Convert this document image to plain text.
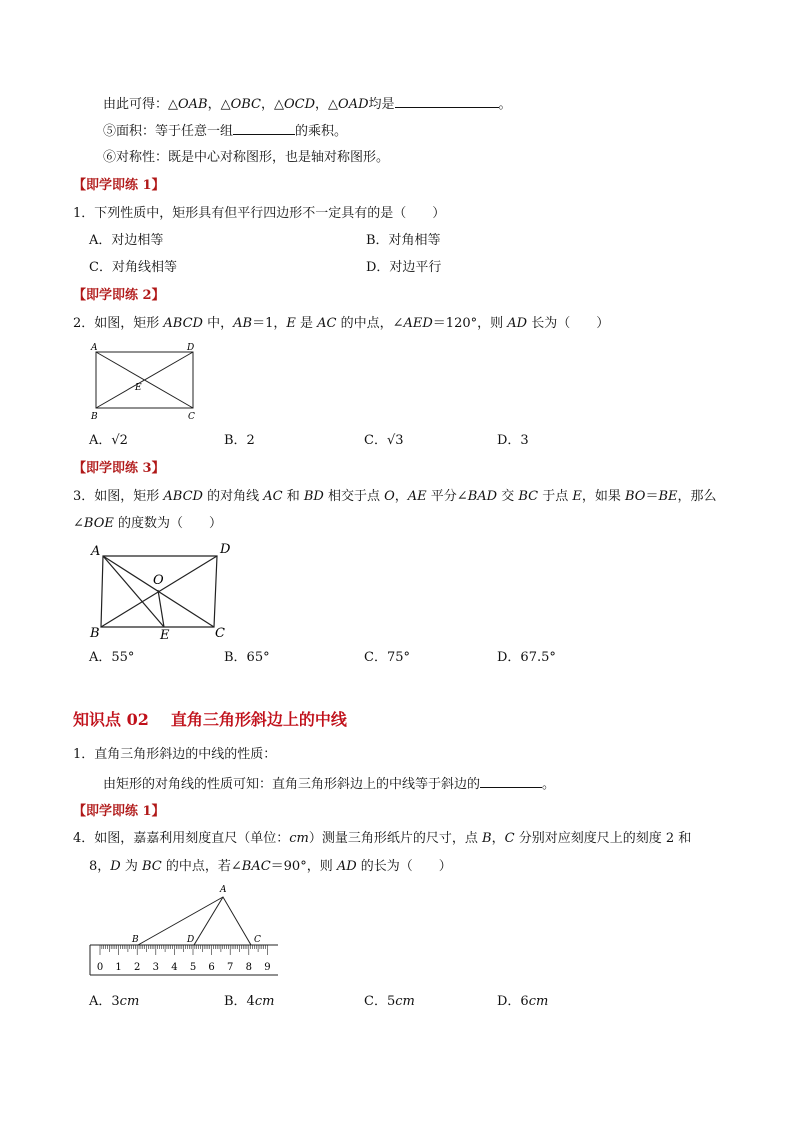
由此可得：△OAB，△OBC，△OCD，△OAD均是	。
⑤面积：等于任意一组	的乘积。
⑥对称性：既是中心对称图形，也是轴对称图形。
【即学即练 1】
1．下列性质中，矩形具有但平行四边形不一定具有的是（　　）
A．对边相等	B．对角相等
C．对角线相等	D．对边平行
【即学即练 2】
2．如图，矩形 ABCD 中，AB＝1，E 是 AC 的中点，∠AED＝120°，则 AD 长为（　　）
A	D
E
B	C
A．√2	B．2	C．√3	D．3
【即学即练 3】
3．如图，矩形 ABCD 的对角线 AC 和 BD 相交于点 O，AE 平分∠BAD 交 BC 于点 E，如果 BO＝BE，那么
∠BOE 的度数为（　　）
A	D
O
B	E	C
A．55°	B．65°	C．75°	D．67.5°
知识点 02 直角三角形斜边上的中线
1．直角三角形斜边的中线的性质：
由矩形的对角线的性质可知：直角三角形斜边上的中线等于斜边的	。
【即学即练 1】
4．如图，嘉嘉利用刻度直尺（单位：cm）测量三角形纸片的尺寸，点 B，C 分别对应刻度尺上的刻度 2 和
8，D 为 BC 的中点，若∠BAC＝90°，则 AD 的长为（　　）
A
B	D	C
0 1 2 3 4 5 6 7 8 9
A．3cm	B．4cm	C．5cm	D．6cm
